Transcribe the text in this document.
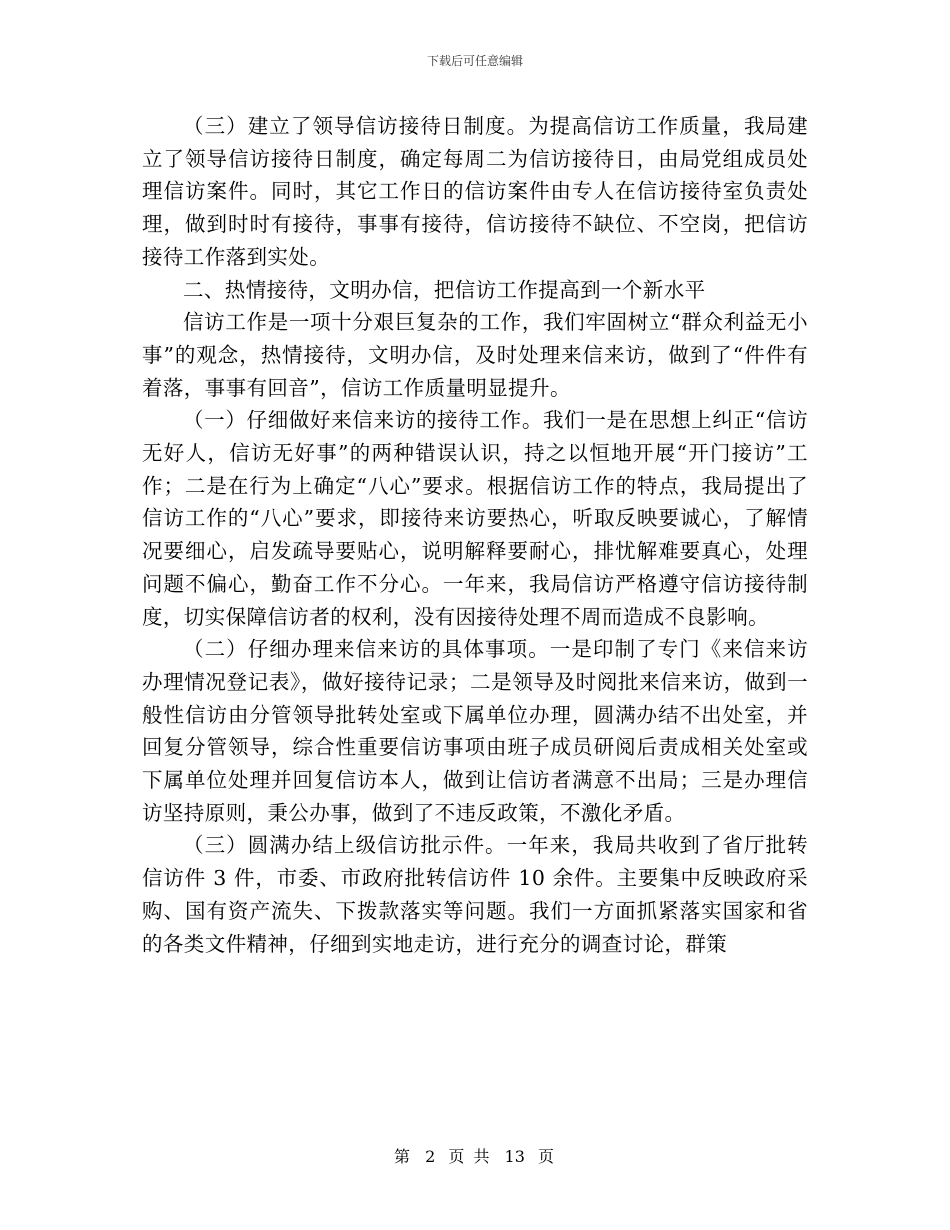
下载后可任意编辑

（三）建立了领导信访接待日制度。为提高信访工作质量，我局建立了领导信访接待日制度，确定每周二为信访接待日，由局党组成员处理信访案件。同时，其它工作日的信访案件由专人在信访接待室负责处理，做到时时有接待，事事有接待，信访接待不缺位、不空岗，把信访接待工作落到实处。

二、热情接待，文明办信，把信访工作提高到一个新水平

信访工作是一项十分艰巨复杂的工作，我们牢固树立“群众利益无小事”的观念，热情接待，文明办信，及时处理来信来访，做到了“件件有着落，事事有回音”，信访工作质量明显提升。

（一）仔细做好来信来访的接待工作。我们一是在思想上纠正“信访无好人，信访无好事”的两种错误认识，持之以恒地开展“开门接访”工作；二是在行为上确定“八心”要求。根据信访工作的特点，我局提出了信访工作的“八心”要求，即接待来访要热心，听取反映要诚心，了解情况要细心，启发疏导要贴心，说明解释要耐心，排忧解难要真心，处理问题不偏心，勤奋工作不分心。一年来，我局信访严格遵守信访接待制度，切实保障信访者的权利，没有因接待处理不周而造成不良影响。

（二）仔细办理来信来访的具体事项。一是印制了专门《来信来访办理情况登记表》，做好接待记录；二是领导及时阅批来信来访，做到一般性信访由分管领导批转处室或下属单位办理，圆满办结不出处室，并回复分管领导，综合性重要信访事项由班子成员研阅后责成相关处室或下属单位处理并回复信访本人，做到让信访者满意不出局；三是办理信访坚持原则，秉公办事，做到了不违反政策，不激化矛盾。

（三）圆满办结上级信访批示件。一年来，我局共收到了省厅批转信访件 3 件，市委、市政府批转信访件 10 余件。主要集中反映政府采购、国有资产流失、下拨款落实等问题。我们一方面抓紧落实国家和省的各类文件精神，仔细到实地走访，进行充分的调查讨论，群策

第 2 页 共 13 页
